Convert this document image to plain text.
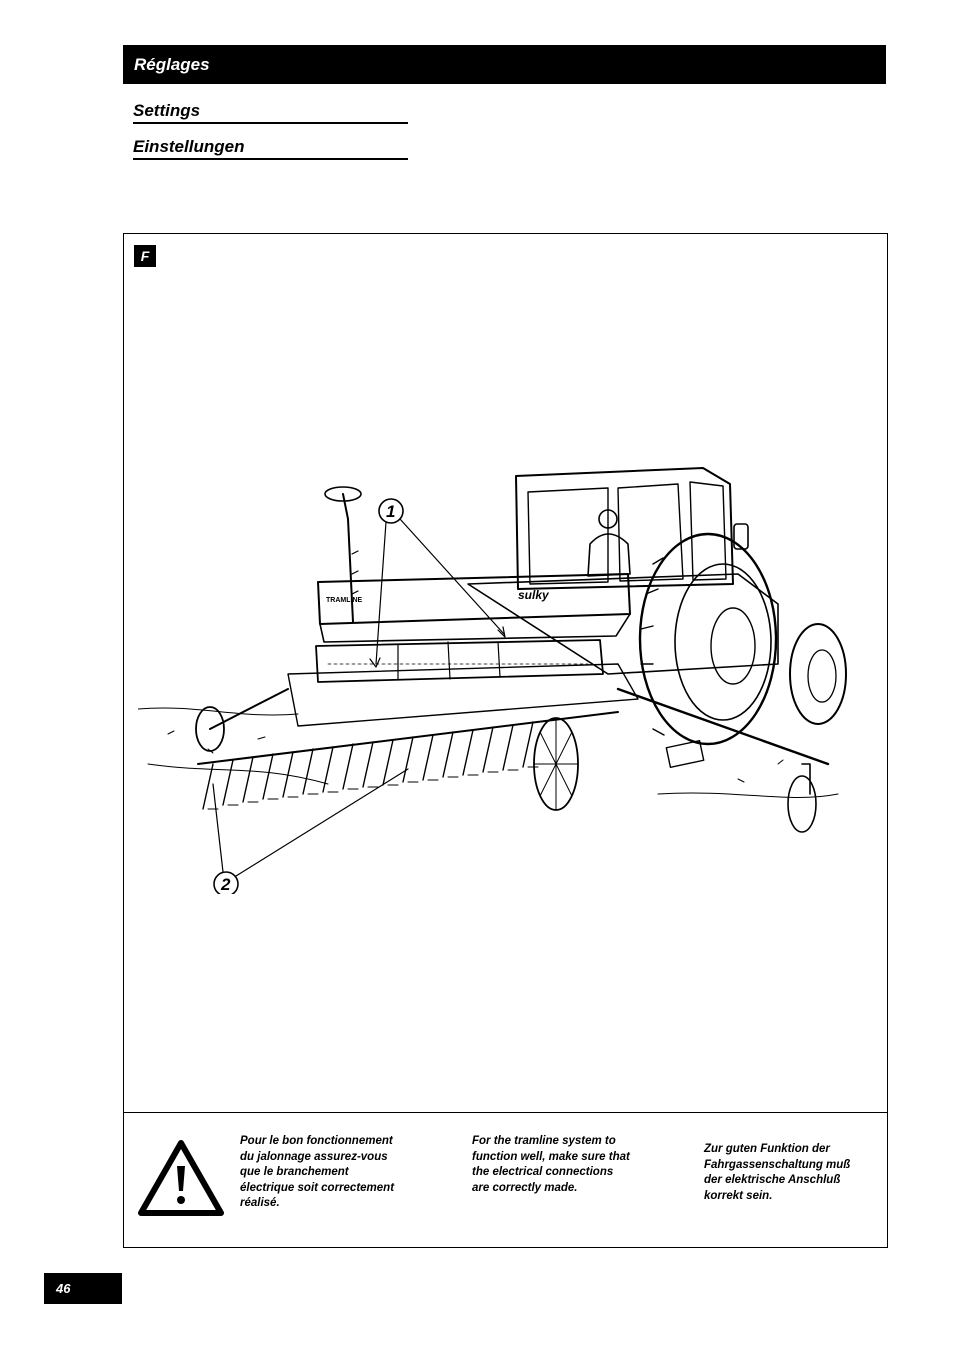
Réglages
Settings
Einstellungen
F
TRAMLINE	sulky
1
2
Pour le bon fonctionnement du jalonnage assurez-vous que le branchement électrique soit correctement réalisé.
For the tramline system to function well, make sure that the electrical connections are correctly made.
Zur guten Funktion der Fahrgassenschaltung muß der elektrische Anschluß korrekt sein.
46
